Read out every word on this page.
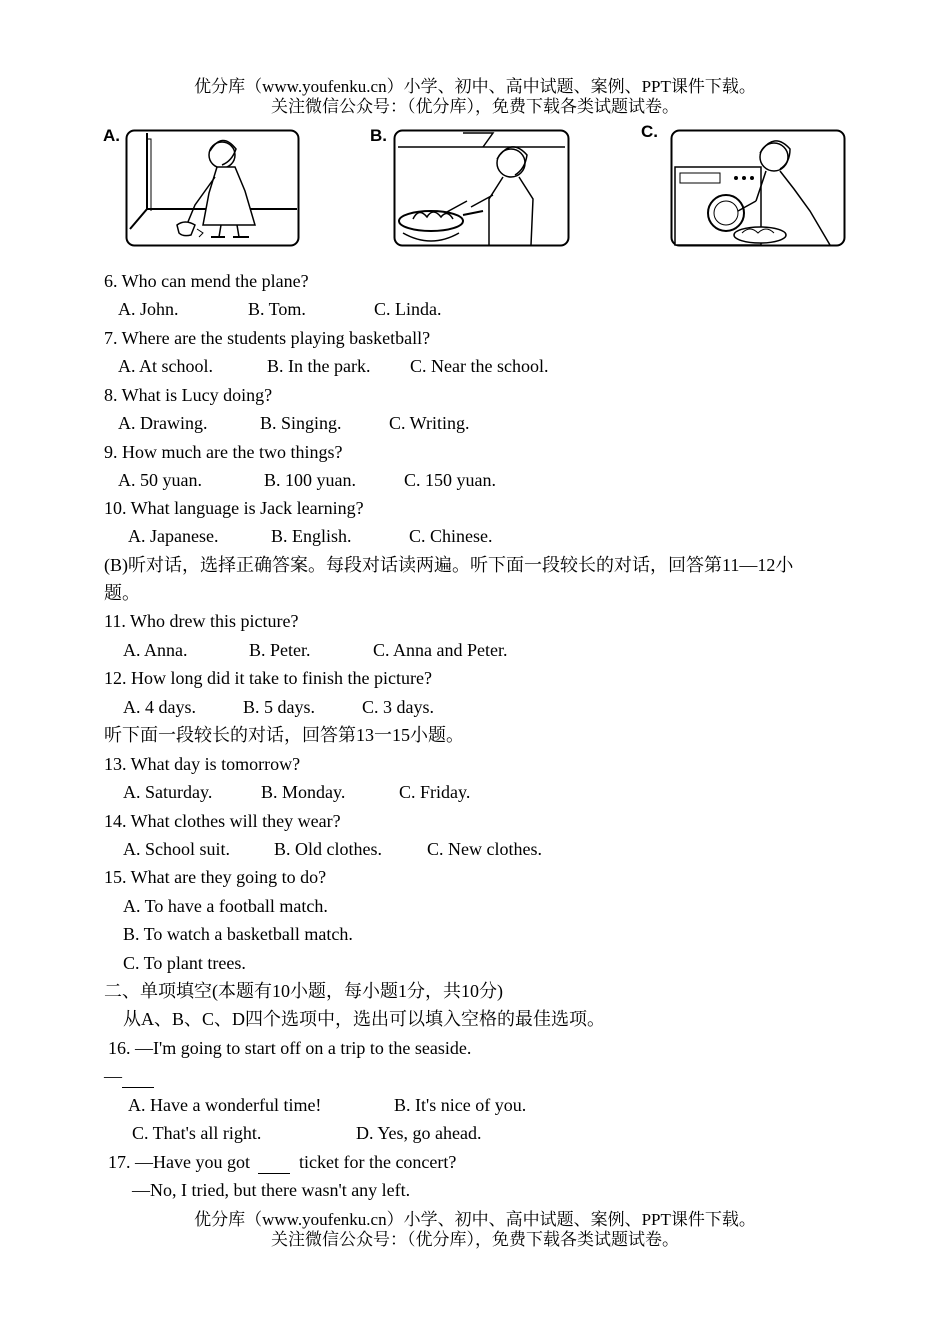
优分库（www.youfenku.cn）小学、初中、高中试题、案例、PPT课件下载。
关注微信公众号：（优分库），免费下载各类试题试卷。
A.	B.	C.
6. Who can mend the plane?
A. John.	B. Tom.	C. Linda.
7. Where are the students playing basketball?
A. At school.	B. In the park. C. Near the school.
8. What is Lucy doing?
A. Drawing.	B. Singing.	C. Writing.
9. How much are the two things?
A. 50 yuan.	B. 100 yuan.	C. 150 yuan.
10. What language is Jack learning?
A. Japanese.	B. English.	C. Chinese.
(B)听对话，选择正确答案。每段对话读两遍。听下面一段较长的对话，回答第11—12小
题。
11. Who drew this picture?
A. Anna.	B. Peter.	C. Anna and Peter.
12. How long did it take to finish the picture?
A. 4 days.	B. 5 days.	C. 3 days.
听下面一段较长的对话，回答第13一15小题。
13. What day is tomorrow?
A. Saturday.	B. Monday.	C. Friday.
14. What clothes will they wear?
A. School suit. B. Old clothes.	C. New clothes.
15. What are they going to do?
A. To have a football match.
B. To watch a basketball match.
C. To plant trees.
二、单项填空(本题有10小题，每小题1分，共10分)
从A、B、C、D四个选项中，选出可以填入空格的最佳选项。
16. —I'm going to start off on a trip to the seaside.
—
A. Have a wonderful time!	B. It's nice of you.
C. That's all right.	D. Yes, go ahead.
17. —Have you got   ticket for the concert?
—No, I tried, but there wasn't any left.
优分库（www.youfenku.cn）小学、初中、高中试题、案例、PPT课件下载。
关注微信公众号：（优分库），免费下载各类试题试卷。
